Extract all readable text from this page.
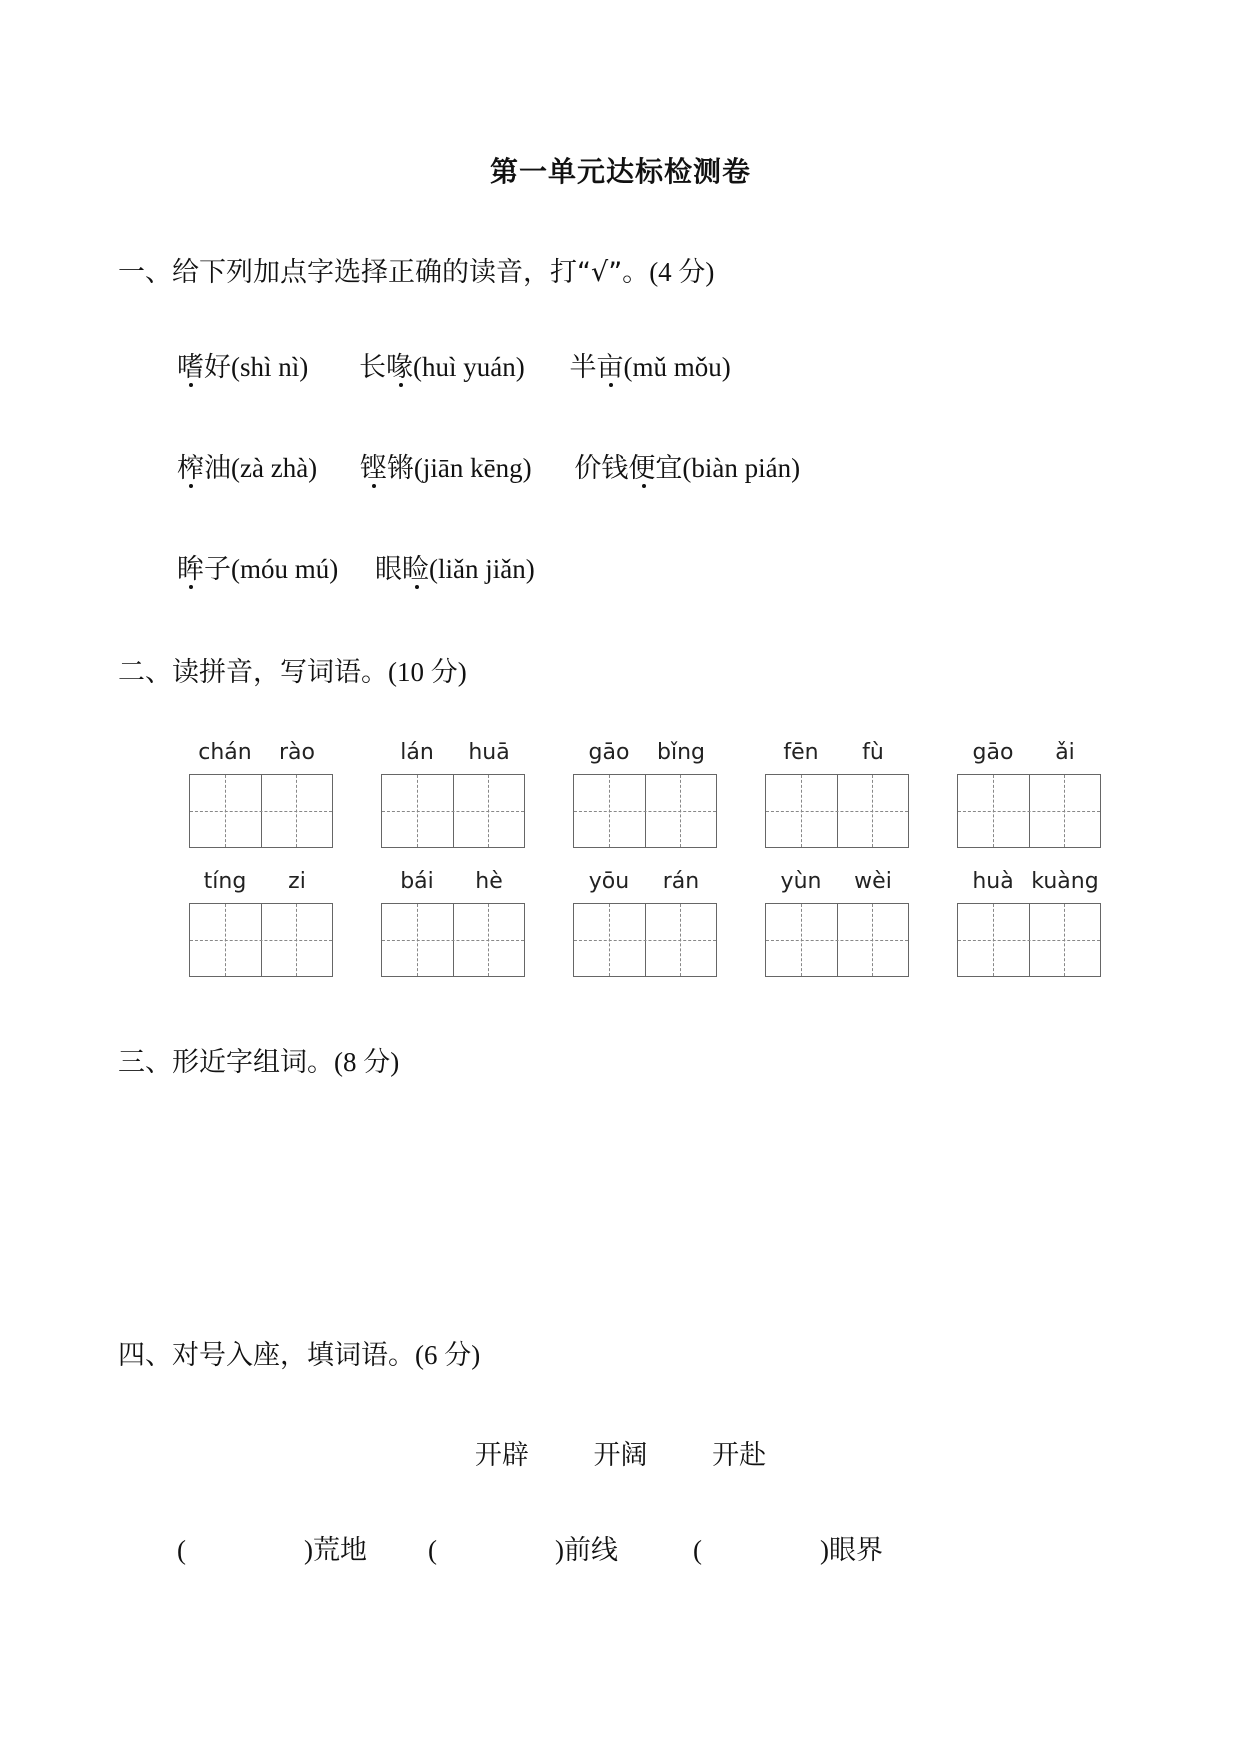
第一单元达标检测卷
一、给下列加点字选择正确的读音，打“√”。(4 分)
嗜好(shì nì) 长喙(huì yuán) 半亩(mǔ mǒu)
榨油(zà zhà) 铿锵(jiān kēng) 价钱便宜(biàn pián)
眸子(móu mú) 眼睑(liǎn jiǎn)
二、读拼音，写词语。(10 分)
chán	rào	lán	huā	gāo	bǐng	fēn	fù	gāo	ǎi
tíng	zi	bái	hè	yōu	rán	yùn	wèi	huà kuàng
三、形近字组词。(8 分)
四、对号入座，填词语。(6 分)
开辟 开阔 开赴
(	)荒地 (	)前线	(	)眼界
